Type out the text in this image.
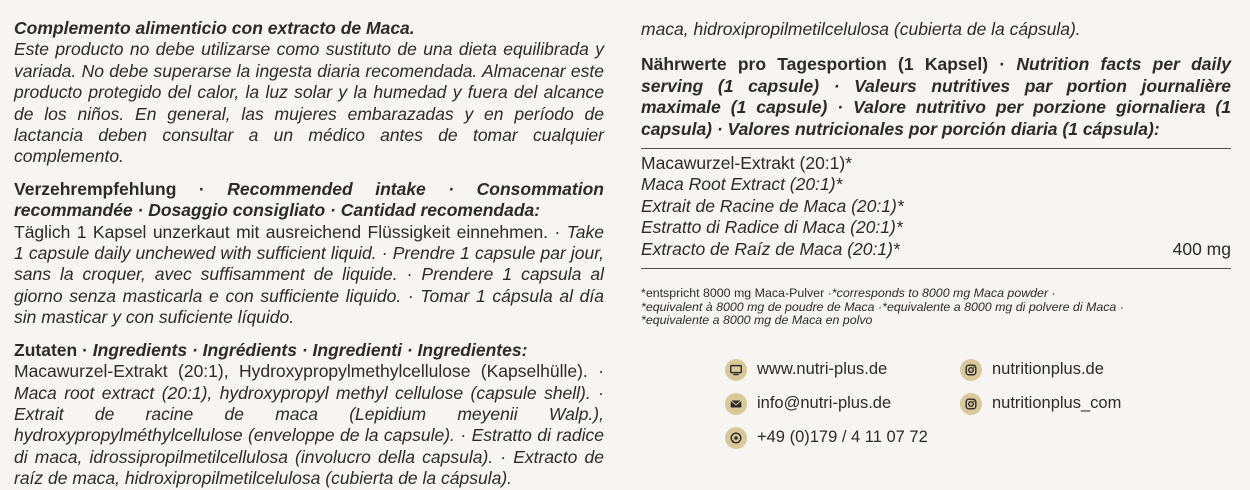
Complemento alimenticio con extracto de Maca.
Este producto no debe utilizarse como sustituto de una dieta equilibrada y variada. No debe superarse la ingesta diaria recomendada. Almacenar este producto protegido del calor, la luz solar y la humedad y fuera del alcance de los niños. En general, las mujeres embarazadas y en período de lactancia deben consultar a un médico antes de tomar cualquier complemento.
Verzehrempfehlung · Recommended intake · Consommation recommandée · Dosaggio consigliato · Cantidad recomendada:
Täglich 1 Kapsel unzerkaut mit ausreichend Flüssigkeit einnehmen. · Take 1 capsule daily unchewed with sufficient liquid. · Prendre 1 capsule par jour, sans la croquer, avec suffisamment de liquide. · Prendere 1 capsula al giorno senza masticarla e con sufficiente liquido. · Tomar 1 cápsula al día sin masticar y con suficiente líquido.
Zutaten · Ingredients · Ingrédients · Ingredienti · Ingredientes:
Macawurzel-Extrakt (20:1), Hydroxypropylmethylcellulose (Kapselhülle). · Maca root extract (20:1), hydroxypropyl methyl cellulose (capsule shell). · Extrait de racine de maca (Lepidium meyenii Walp.), hydroxypropylméthylcellulose (enveloppe de la capsule). · Estratto di radice di maca, idrossipropilmetilcellulosa (involucro della capsula). · Extracto de raíz de maca, hidroxipropilmetilcelulosa (cubierta de la cápsula).
maca, hidroxipropilmetilcelulosa (cubierta de la cápsula).
Nährwerte pro Tagesportion (1 Kapsel) · Nutrition facts per daily serving (1 capsule) · Valeurs nutritives par portion journalière maximale (1 capsule) · Valore nutritivo per porzione giornaliera (1 capsula) · Valores nutricionales por porción diaria (1 cápsula):
Macawurzel-Extrakt (20:1)*
Maca Root Extract (20:1)*
Extrait de Racine de Maca (20:1)*
Estratto di Radice di Maca (20:1)*
Extracto de Raíz de Maca (20:1)*	400 mg
*entspricht 8000 mg Maca-Pulver ·*corresponds to 8000 mg Maca powder ·
*equivalent à 8000 mg de poudre de Maca ·*equivalente a 8000 mg di polvere di Maca ·
*equivalente a 8000 mg de Maca en polvo
www.nutri-plus.de
info@nutri-plus.de
+49 (0)179 / 4 11 07 72
nutritionplus.de
nutritionplus_com
